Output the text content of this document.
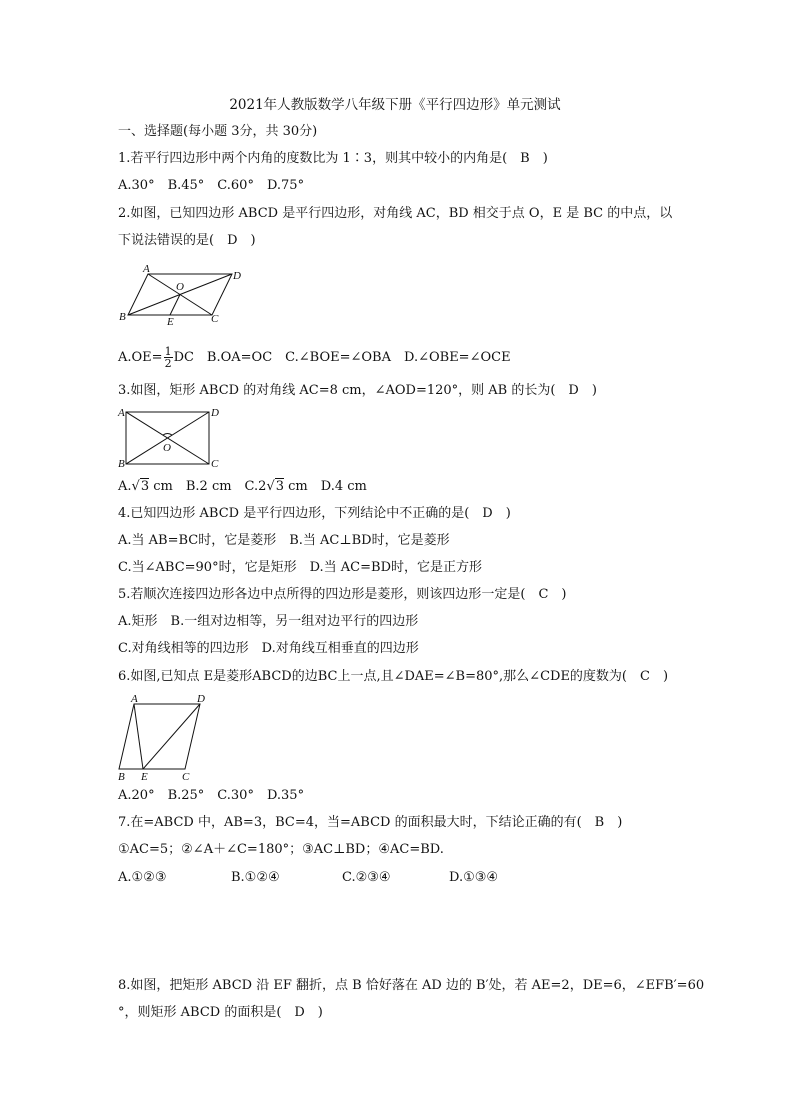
2021年人教版数学八年级下册《平行四边形》单元测试
一、选择题(每小题 3分，共 30分)
1.若平行四边形中两个内角的度数比为 1∶3，则其中较小的内角是(　B　)
A.30°　B.45°　C.60°　D.75°
2.如图，已知四边形 ABCD 是平行四边形，对角线 AC，BD 相交于点 O，E 是 BC 的中点，以
下说法错误的是(　D　)
A
D
B	E	C
O
$A.OE= \frac{1}{2}$ DC　B.OA=OC　C.∠BOE=∠OBA　D.∠OBE=∠OCE
3.如图，矩形 ABCD 的对角线 AC=8 cm，∠AOD=120°，则 AB 的长为(　D　)
A	D
B	C
O
A.√3 cm　B.2 cm　C.2√3 cm　D.4 cm
4.已知四边形 ABCD 是平行四边形，下列结论中不正确的是(　D　)
A.当 AB=BC时，它是菱形　B.当 AC⊥BD时，它是菱形
C.当∠ABC=90°时，它是矩形　D.当 AC=BD时，它是正方形
5.若顺次连接四边形各边中点所得的四边形是菱形，则该四边形一定是(　C　)
A.矩形　B.一组对边相等，另一组对边平行的四边形
C.对角线相等的四边形　D.对角线互相垂直的四边形
6.如图,已知点 E是菱形ABCD的边BC上一点,且∠DAE=∠B=80°,那么∠CDE的度数为(　C　)
A	D
B E	C
A.20°　B.25°　C.30°　D.35°
7.在=ABCD 中，AB=3，BC=4，当=ABCD 的面积最大时，下结论正确的有(　B　)
①AC=5；②∠A＋∠C=180°；③AC⊥BD；④AC=BD.
A.①②③	B.①②④	C.②③④	D.①③④
8.如图，把矩形 ABCD 沿 EF 翻折，点 B 恰好落在 AD 边的 B′处，若 AE=2，DE=6，∠EFB′=60
°，则矩形 ABCD 的面积是(　D　)
